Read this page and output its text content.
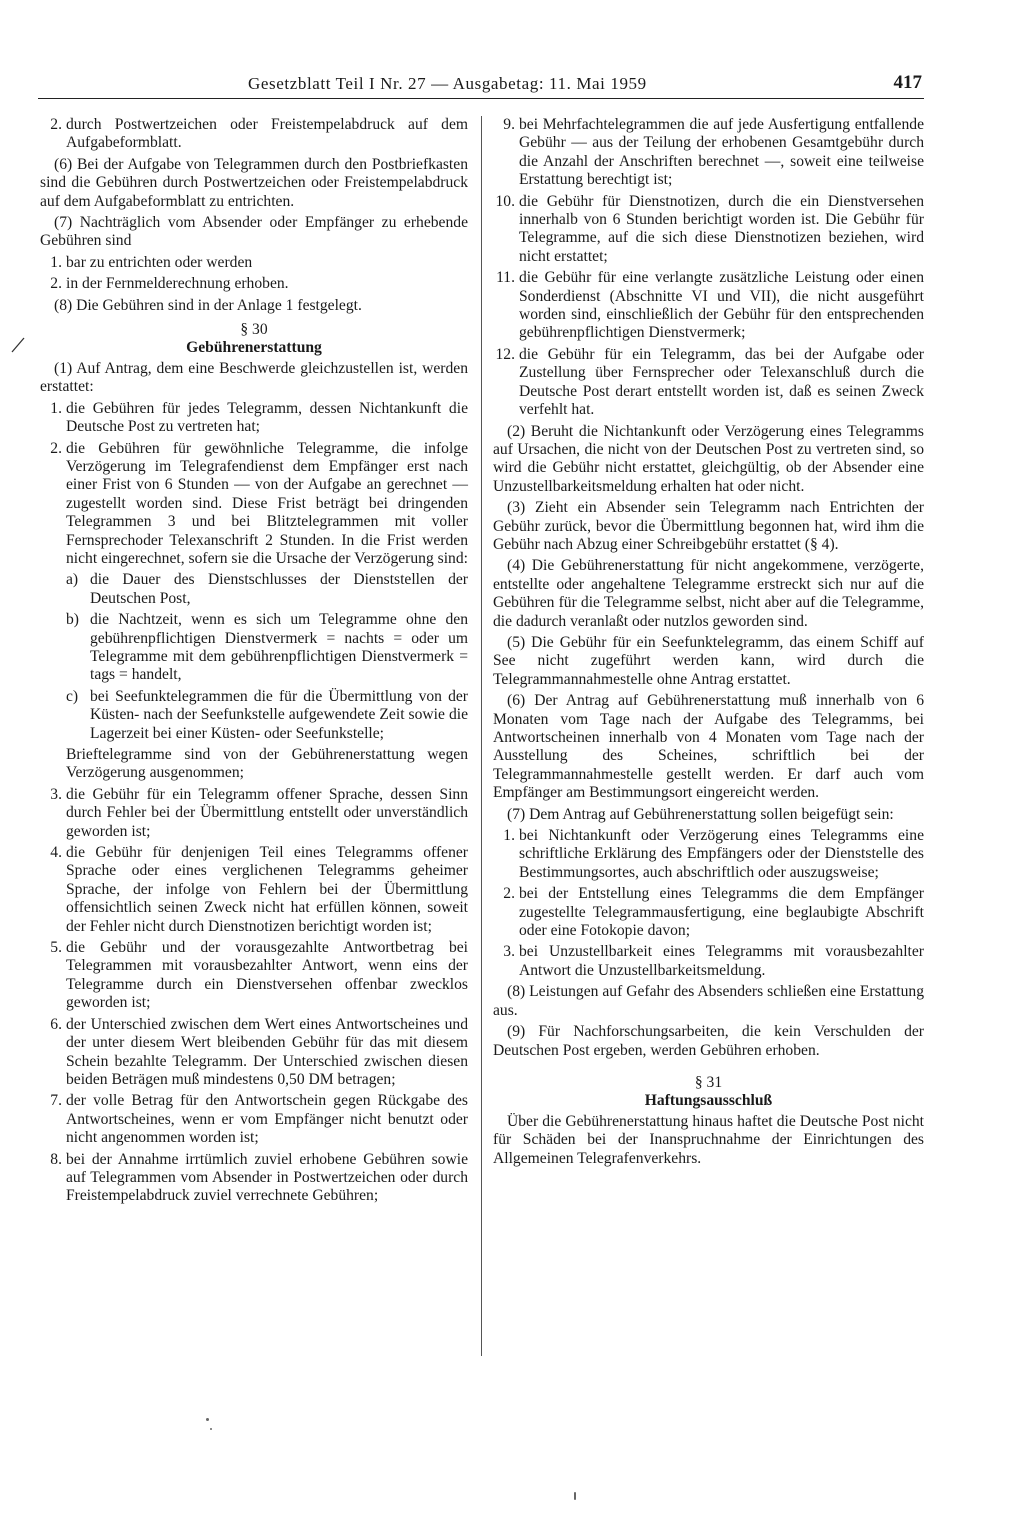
Gesetzblatt Teil I Nr. 27 — Ausgabetag: 11. Mai 1959	417
2. durch Postwertzeichen oder Freistempelabdruck auf dem Aufgabeformblatt.

(6) Bei der Aufgabe von Telegrammen durch den Postbriefkasten sind die Gebühren durch Postwertzeichen oder Freistempelabdruck auf dem Aufgabeformblatt zu entrichten.

(7) Nachträglich vom Absender oder Empfänger zu erhebende Gebühren sind

1. bar zu entrichten oder werden
2. in der Fernmelderechnung erhoben.

(8) Die Gebühren sind in der Anlage 1 festgelegt.

§ 30
Gebührenerstattung

(1) Auf Antrag, dem eine Beschwerde gleichzustellen ist, werden erstattet:

1. die Gebühren für jedes Telegramm, dessen Nichtankunft die Deutsche Post zu vertreten hat;
2. die Gebühren für gewöhnliche Telegramme, die infolge Verzögerung im Telegrafendienst dem Empfänger erst nach einer Frist von 6 Stunden — von der Aufgabe an gerechnet — zugestellt worden sind. Diese Frist beträgt bei dringenden Telegrammen 3 und bei Blitztelegrammen mit voller Fernsprechoder Telexanschrift 2 Stunden. In die Frist werden nicht eingerechnet, sofern sie die Ursache der Verzögerung sind:
a) die Dauer des Dienstschlusses der Dienststellen der Deutschen Post,
b) die Nachtzeit, wenn es sich um Telegramme ohne den gebührenpflichtigen Dienstvermerk = nachts = oder um Telegramme mit dem gebührenpflichtigen Dienstvermerk = tags = handelt,
c) bei Seefunktelegrammen die für die Übermittlung von der Küsten- nach der Seefunkstelle aufgewendete Zeit sowie die Lagerzeit bei einer Küsten- oder Seefunkstelle;
Brieftelegramme sind von der Gebührenerstattung wegen Verzögerung ausgenommen;
3. die Gebühr für ein Telegramm offener Sprache, dessen Sinn durch Fehler bei der Übermittlung entstellt oder unverständlich geworden ist;
4. die Gebühr für denjenigen Teil eines Telegramms offener Sprache oder eines verglichenen Telegramms geheimer Sprache, der infolge von Fehlern bei der Übermittlung offensichtlich seinen Zweck nicht hat erfüllen können, soweit der Fehler nicht durch Dienstnotizen berichtigt worden ist;
5. die Gebühr und der vorausgezahlte Antwortbetrag bei Telegrammen mit vorausbezahlter Antwort, wenn eins der Telegramme durch ein Dienstversehen offenbar zwecklos geworden ist;
6. der Unterschied zwischen dem Wert eines Antwortscheines und der unter diesem Wert bleibenden Gebühr für das mit diesem Schein bezahlte Telegramm. Der Unterschied zwischen diesen beiden Beträgen muß mindestens 0,50 DM betragen;
7. der volle Betrag für den Antwortschein gegen Rückgabe des Antwortscheines, wenn er vom Empfänger nicht benutzt oder nicht angenommen worden ist;
8. bei der Annahme irrtümlich zuviel erhobene Gebühren sowie auf Telegrammen vom Absender in Postwertzeichen oder durch Freistempelabdruck zuviel verrechnete Gebühren;
9. bei Mehrfachtelegrammen die auf jede Ausfertigung entfallende Gebühr — aus der Teilung der erhobenen Gesamtgebühr durch die Anzahl der Anschriften berechnet —, soweit eine teilweise Erstattung berechtigt ist;
10. die Gebühr für Dienstnotizen, durch die ein Dienstversehen innerhalb von 6 Stunden berichtigt worden ist. Die Gebühr für Telegramme, auf die sich diese Dienstnotizen beziehen, wird nicht erstattet;
11. die Gebühr für eine verlangte zusätzliche Leistung oder einen Sonderdienst (Abschnitte VI und VII), die nicht ausgeführt worden sind, einschließlich der Gebühr für den entsprechenden gebührenpflichtigen Dienstvermerk;
12. die Gebühr für ein Telegramm, das bei der Aufgabe oder Zustellung über Fernsprecher oder Telexanschluß durch die Deutsche Post derart entstellt worden ist, daß es seinen Zweck verfehlt hat.

(2) Beruht die Nichtankunft oder Verzögerung eines Telegramms auf Ursachen, die nicht von der Deutschen Post zu vertreten sind, so wird die Gebühr nicht erstattet, gleichgültig, ob der Absender eine Unzustellbarkeitsmeldung erhalten hat oder nicht.

(3) Zieht ein Absender sein Telegramm nach Entrichten der Gebühr zurück, bevor die Übermittlung begonnen hat, wird ihm die Gebühr nach Abzug einer Schreibgebühr erstattet (§ 4).

(4) Die Gebührenerstattung für nicht angekommene, verzögerte, entstellte oder angehaltene Telegramme erstreckt sich nur auf die Gebühren für die Telegramme selbst, nicht aber auf die Telegramme, die dadurch veranlaßt oder nutzlos geworden sind.

(5) Die Gebühr für ein Seefunktelegramm, das einem Schiff auf See nicht zugeführt werden kann, wird durch die Telegrammannahmestelle ohne Antrag erstattet.

(6) Der Antrag auf Gebührenerstattung muß innerhalb von 6 Monaten vom Tage nach der Aufgabe des Telegramms, bei Antwortscheinen innerhalb von 4 Monaten vom Tage nach der Ausstellung des Scheines, schriftlich bei der Telegrammannahmestelle gestellt werden. Er darf auch vom Empfänger am Bestimmungsort eingereicht werden.

(7) Dem Antrag auf Gebührenerstattung sollen beigefügt sein:

1. bei Nichtankunft oder Verzögerung eines Telegramms eine schriftliche Erklärung des Empfängers oder der Dienststelle des Bestimmungsortes, auch abschriftlich oder auszugsweise;
2. bei der Entstellung eines Telegramms die dem Empfänger zugestellte Telegrammausfertigung, eine beglaubigte Abschrift oder eine Fotokopie davon;
3. bei Unzustellbarkeit eines Telegramms mit vorausbezahlter Antwort die Unzustellbarkeitsmeldung.

(8) Leistungen auf Gefahr des Absenders schließen eine Erstattung aus.

(9) Für Nachforschungsarbeiten, die kein Verschulden der Deutschen Post ergeben, werden Gebühren erhoben.

§ 31
Haftungsausschluß

Über die Gebührenerstattung hinaus haftet die Deutsche Post nicht für Schäden bei der Inanspruchnahme der Einrichtungen des Allgemeinen Telegrafenverkehrs.
